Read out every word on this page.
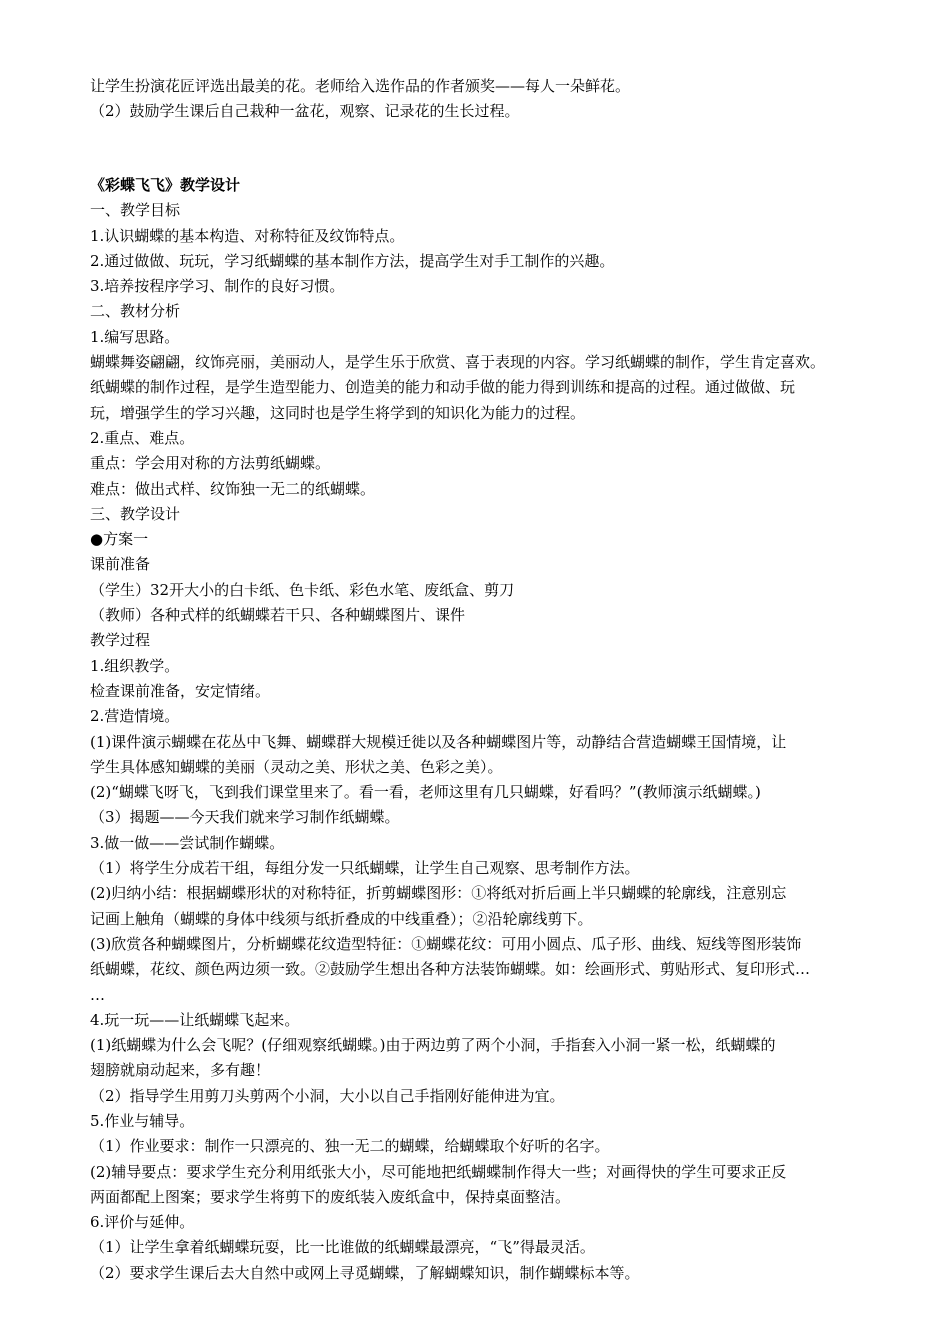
让学生扮演花匠评选出最美的花。老师给入选作品的作者颁奖——每人一朵鲜花。
（2）鼓励学生课后自己栽种一盆花，观察、记录花的生长过程。
《彩蝶飞飞》教学设计
一、教学目标
1.认识蝴蝶的基本构造、对称特征及纹饰特点。
2.通过做做、玩玩，学习纸蝴蝶的基本制作方法，提高学生对手工制作的兴趣。
3.培养按程序学习、制作的良好习惯。
二、教材分析
1.编写思路。
蝴蝶舞姿翩翩，纹饰亮丽，美丽动人，是学生乐于欣赏、喜于表现的内容。学习纸蝴蝶的制作，学生肯定喜欢。
纸蝴蝶的制作过程，是学生造型能力、创造美的能力和动手做的能力得到训练和提高的过程。通过做做、玩
玩，增强学生的学习兴趣，这同时也是学生将学到的知识化为能力的过程。
2.重点、难点。
重点：学会用对称的方法剪纸蝴蝶。
难点：做出式样、纹饰独一无二的纸蝴蝶。
三、教学设计
●方案一
课前准备
（学生）32开大小的白卡纸、色卡纸、彩色水笔、废纸盒、剪刀
（教师）各种式样的纸蝴蝶若干只、各种蝴蝶图片、课件
教学过程
1.组织教学。
检查课前准备，安定情绪。
2.营造情境。
(1)课件演示蝴蝶在花丛中飞舞、蝴蝶群大规模迁徙以及各种蝴蝶图片等，动静结合营造蝴蝶王国情境，让
学生具体感知蝴蝶的美丽（灵动之美、形状之美、色彩之美）。
(2)“蝴蝶飞呀飞，飞到我们课堂里来了。看一看，老师这里有几只蝴蝶，好看吗？”(教师演示纸蝴蝶。)
（3）揭题——今天我们就来学习制作纸蝴蝶。
3.做一做——尝试制作蝴蝶。
（1）将学生分成若干组，每组分发一只纸蝴蝶，让学生自己观察、思考制作方法。
(2)归纳小结：根据蝴蝶形状的对称特征，折剪蝴蝶图形：①将纸对折后画上半只蝴蝶的轮廓线，注意别忘
记画上触角（蝴蝶的身体中线须与纸折叠成的中线重叠）；②沿轮廓线剪下。
(3)欣赏各种蝴蝶图片，分析蝴蝶花纹造型特征：①蝴蝶花纹：可用小圆点、瓜子形、曲线、短线等图形装饰
纸蝴蝶，花纹、颜色两边须一致。②鼓励学生想出各种方法装饰蝴蝶。如：绘画形式、剪贴形式、复印形式…
…
4.玩一玩——让纸蝴蝶飞起来。
(1)纸蝴蝶为什么会飞呢？(仔细观察纸蝴蝶。)由于两边剪了两个小洞，手指套入小洞一紧一松，纸蝴蝶的
翅膀就扇动起来，多有趣！
（2）指导学生用剪刀头剪两个小洞，大小以自己手指刚好能伸进为宜。
5.作业与辅导。
（1）作业要求：制作一只漂亮的、独一无二的蝴蝶，给蝴蝶取个好听的名字。
(2)辅导要点：要求学生充分利用纸张大小，尽可能地把纸蝴蝶制作得大一些；对画得快的学生可要求正反
两面都配上图案；要求学生将剪下的废纸装入废纸盒中，保持桌面整洁。
6.评价与延伸。
（1）让学生拿着纸蝴蝶玩耍，比一比谁做的纸蝴蝶最漂亮，“飞”得最灵活。
（2）要求学生课后去大自然中或网上寻觅蝴蝶，了解蝴蝶知识，制作蝴蝶标本等。
